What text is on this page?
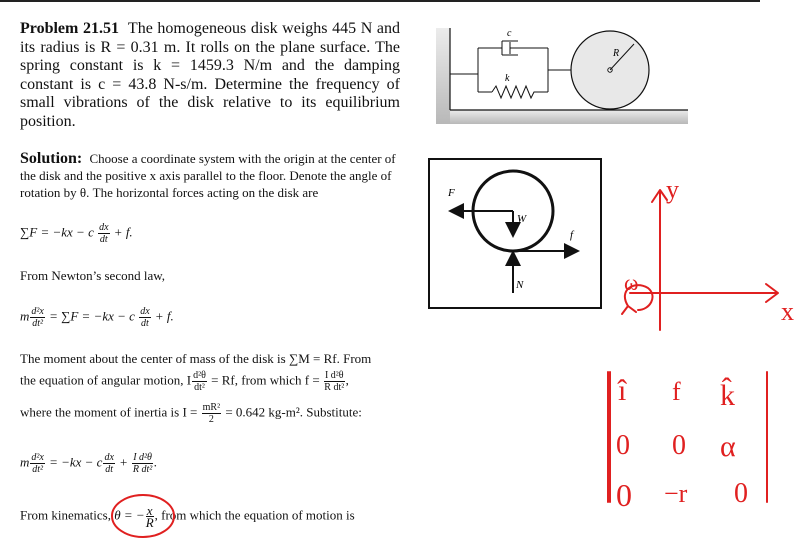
Problem 21.51 The homogeneous disk weighs 445 N and its radius is R = 0.31 m. It rolls on the plane surface. The spring constant is k = 1459.3 N/m and the damping constant is c = 43.8 N-s/m. Determine the frequency of small vibrations of the disk relative to its equilibrium position.
Solution: Choose a coordinate system with the origin at the center of the disk and the positive x axis parallel to the floor. Denote the angle of rotation by θ. The horizontal forces acting on the disk are
∑F = −kx − c $\frac{dx}{dt} + f$.
From Newton’s second law,
m $\frac{\text{d²x}}{\text{dt²}} = \sum F = -kx - c \frac{dx}{dt} + f$.
The moment about the center of mass of the disk is ∑M = Rf. From
the equation of angular motion, I $\frac{\text{d²θ}}{\text{dt²}} = Rf$, from which $f = \frac{\text{I d²θ}}{\text{R dt²}}$ ,
where the moment of inertia is $I = \frac{\text{mR²}}{2} = 0.642$ kg-m². Substitute:
m $\frac{\text{d²x}}{\text{dt²}} = -kx - c \frac{dx}{dt} + \frac{\text{I d²θ}}{\text{R dt²}}$ .
From kinematics, θ = − $\frac{x}{R}$ , from which the equation of motion is
c
k
R
F
W
f
N
y
x
ω
î f k̂
0 0 α
0 −r 0
